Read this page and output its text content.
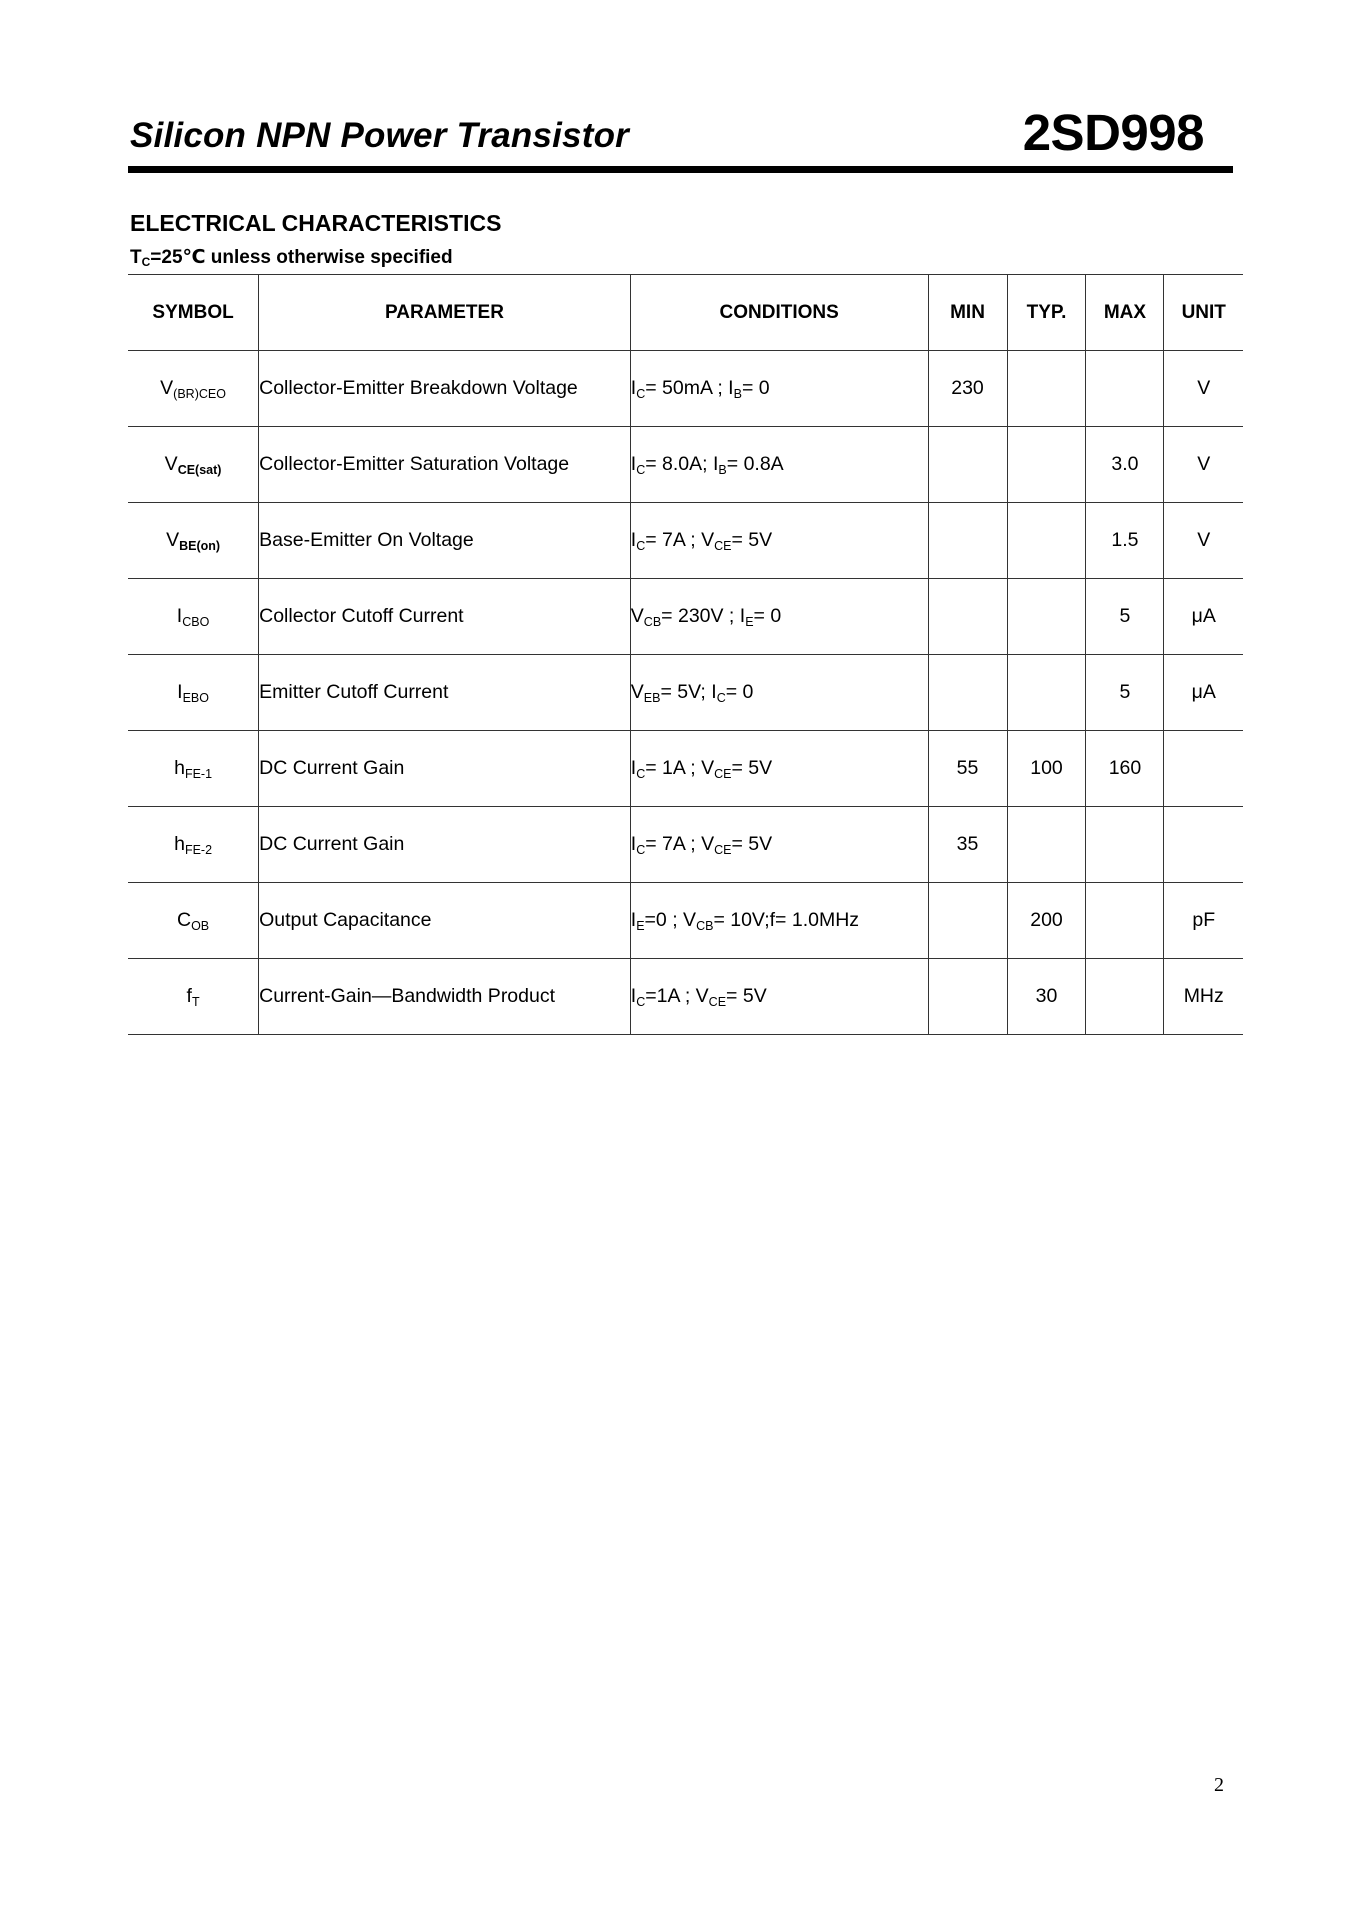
Silicon NPN Power Transistor	2SD998
ELECTRICAL CHARACTERISTICS
$T_C=25℃$ unless otherwise specified
SYMBOL	PARAMETER	CONDITIONS	MIN	TYP.	MAX	UNIT
$V_{(BR)CEO}$	Collector-Emitter Breakdown Voltage	$I_C= 50mA$ ; $I_B= 0$	230			V
$V_{CE(sat)}$	Collector-Emitter Saturation Voltage	$I_C= 8.0A$; $I_B= 0.8A$			3.0	V
$V_{BE(on)}$	Base-Emitter On Voltage	$I_C= 7A$ ; $V_{CE}= 5V$			1.5	V
$I_{CBO}$	Collector Cutoff Current	$V_{CB}= 230V$ ; $I_E= 0$			5	μA
$I_{EBO}$	Emitter Cutoff Current	$V_{EB}= 5V$; $I_C= 0$			5	μA
$h_{FE-1}$	DC Current Gain	$I_C= 1A$ ; $V_{CE}= 5V$	55	100	160	
$h_{FE-2}$	DC Current Gain	$I_C= 7A$ ; $V_{CE}= 5V$	35			
$C_{OB}$	Output Capacitance	$I_E=0$ ; $V_{CB}=$ 10V;f= 1.0MHz		200		pF
$f_T$	Current-Gain—Bandwidth Product	$I_C=1A$ ; $V_{CE}= 5V$		30		MHz
2
